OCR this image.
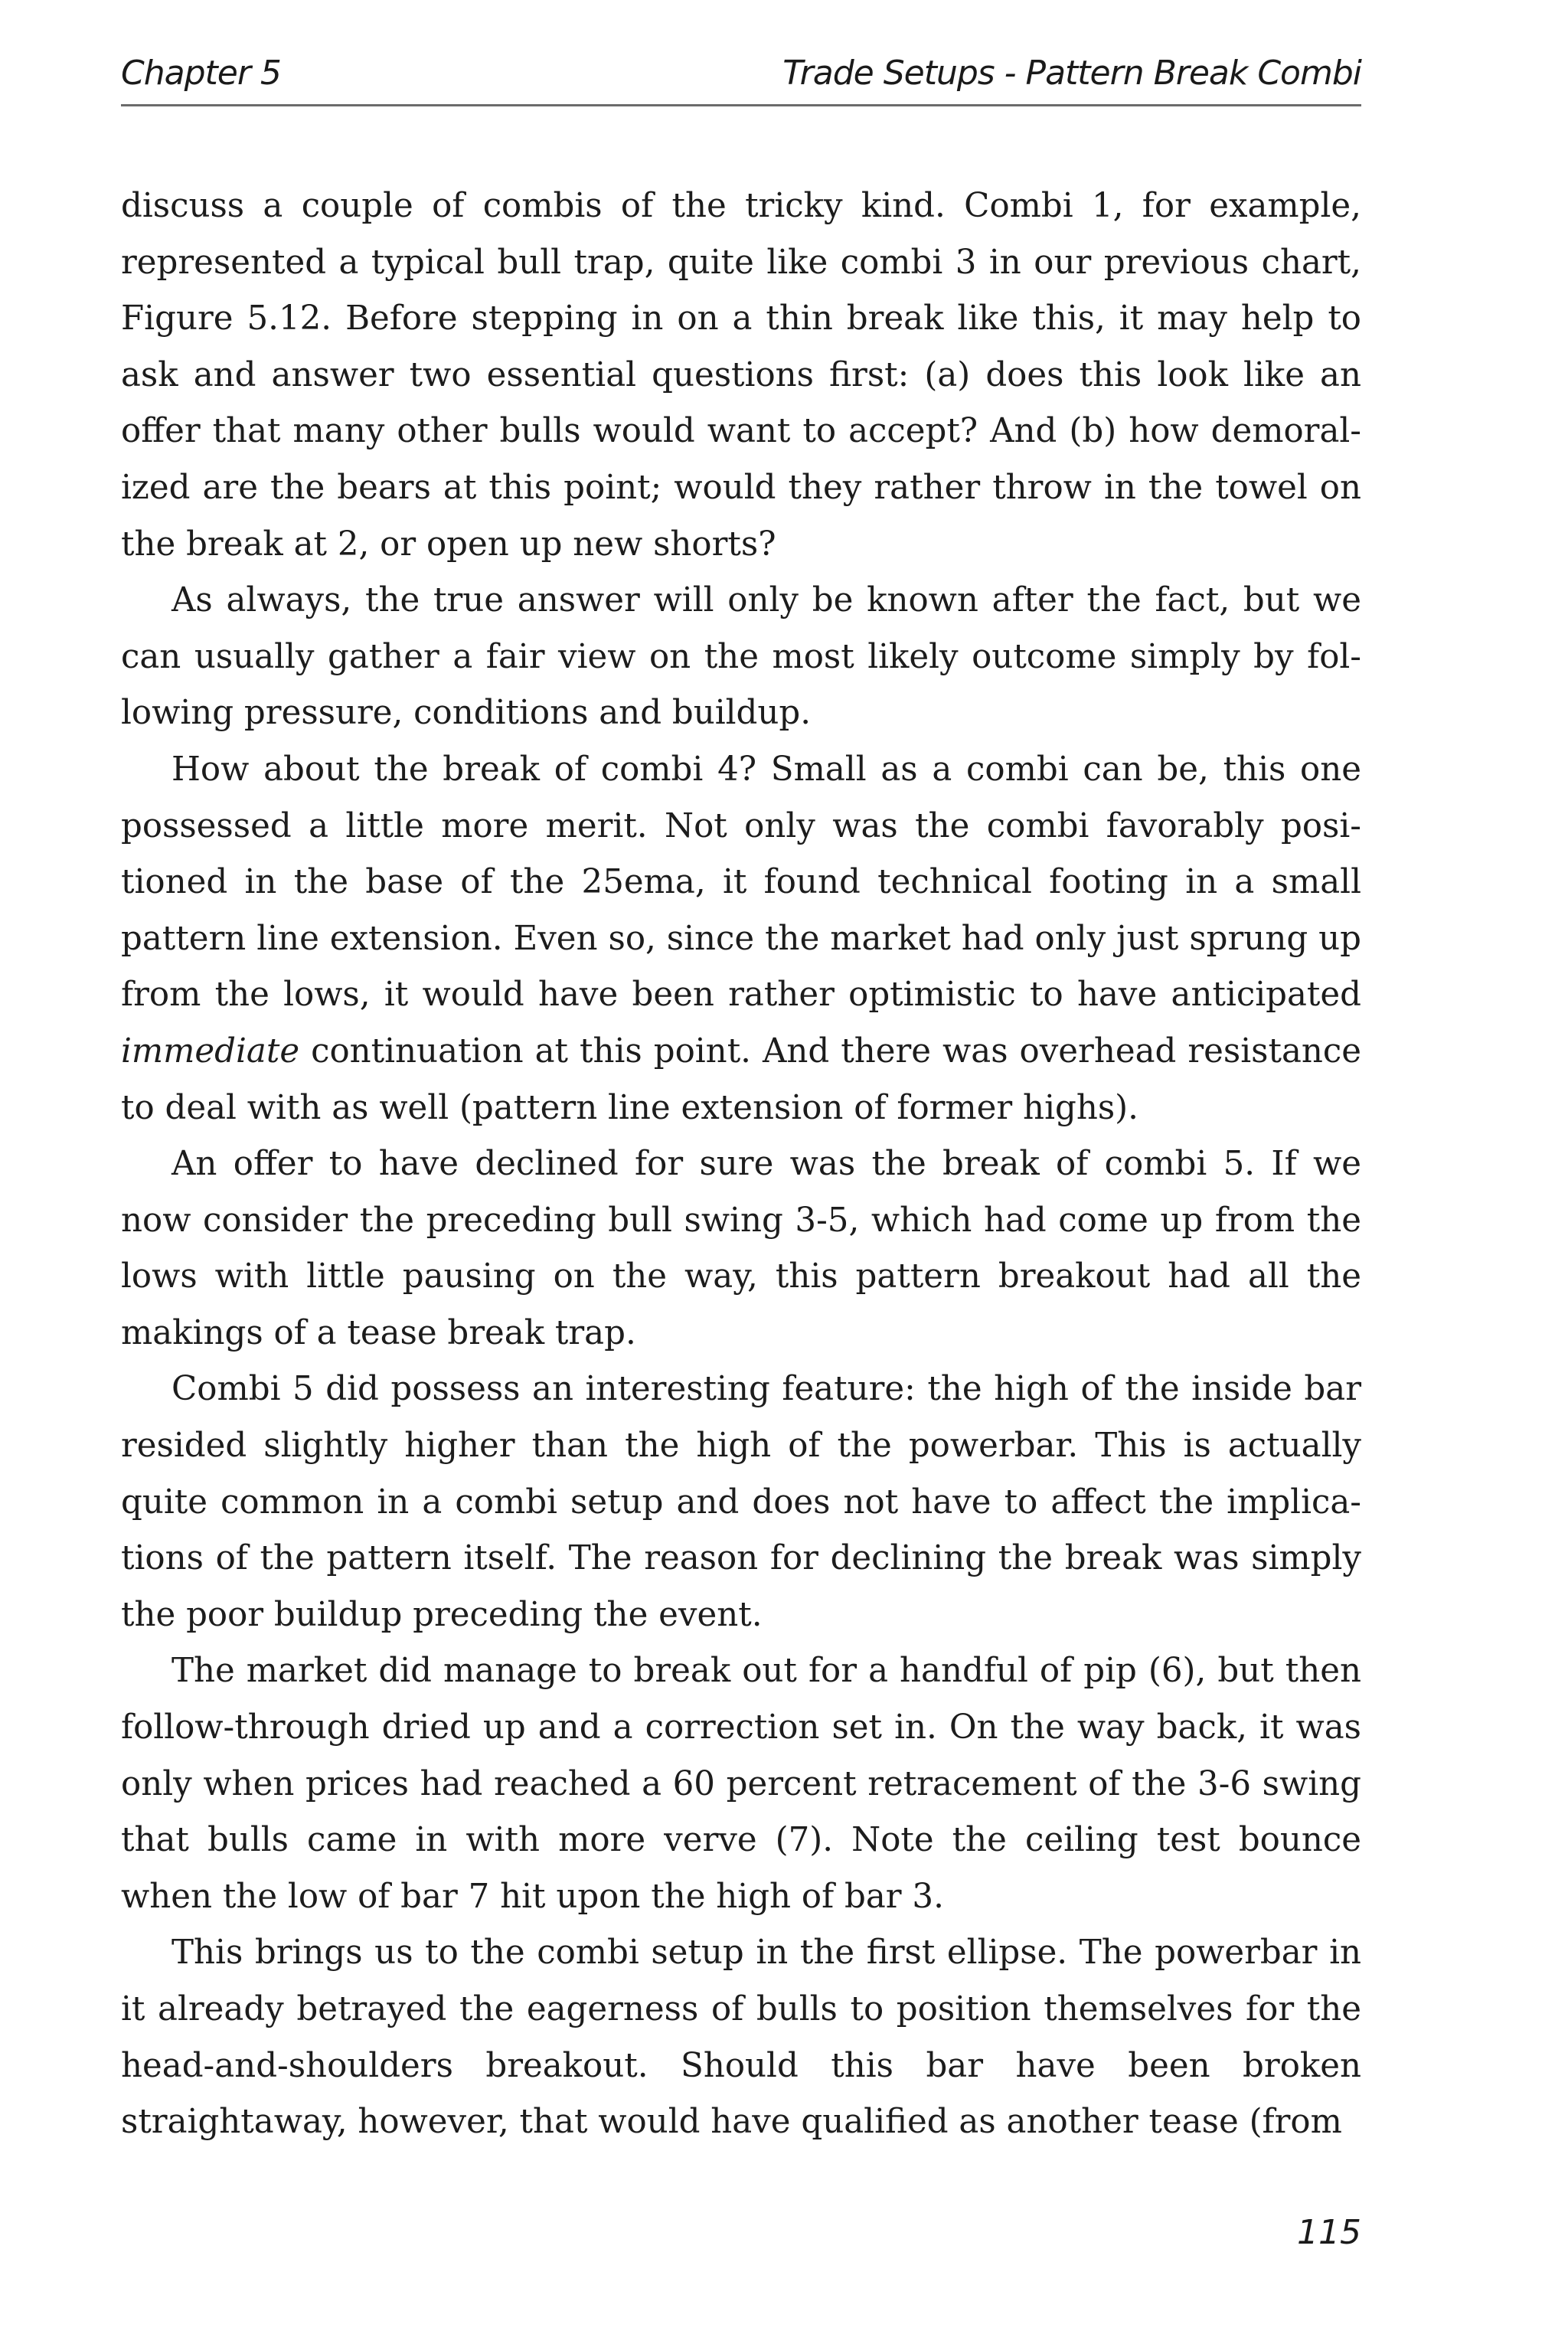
Chapter 5	Trade Setups - Pattern Break Combi

discuss a couple of combis of the tricky kind. Combi 1, for example, represented a typical bull trap, quite like combi 3 in our previous chart, Figure 5.12. Before stepping in on a thin break like this, it may help to ask and answer two essential questions first: (a) does this look like an offer that many other bulls would want to accept? And (b) how demoralized are the bears at this point; would they rather throw in the towel on the break at 2, or open up new shorts?

As always, the true answer will only be known after the fact, but we can usually gather a fair view on the most likely outcome simply by following pressure, conditions and buildup.

How about the break of combi 4? Small as a combi can be, this one possessed a little more merit. Not only was the combi favorably positioned in the base of the 25ema, it found technical footing in a small pattern line extension. Even so, since the market had only just sprung up from the lows, it would have been rather optimistic to have anticipated immediate continuation at this point. And there was overhead resistance to deal with as well (pattern line extension of former highs).

An offer to have declined for sure was the break of combi 5. If we now consider the preceding bull swing 3-5, which had come up from the lows with little pausing on the way, this pattern breakout had all the makings of a tease break trap.

Combi 5 did possess an interesting feature: the high of the inside bar resided slightly higher than the high of the powerbar. This is actually quite common in a combi setup and does not have to affect the implications of the pattern itself. The reason for declining the break was simply the poor buildup preceding the event.

The market did manage to break out for a handful of pip (6), but then follow-through dried up and a correction set in. On the way back, it was only when prices had reached a 60 percent retracement of the 3-6 swing that bulls came in with more verve (7). Note the ceiling test bounce when the low of bar 7 hit upon the high of bar 3.

This brings us to the combi setup in the first ellipse. The powerbar in it already betrayed the eagerness of bulls to position themselves for the head-and-shoulders breakout. Should this bar have been broken straightaway, however, that would have qualified as another tease (from

115
